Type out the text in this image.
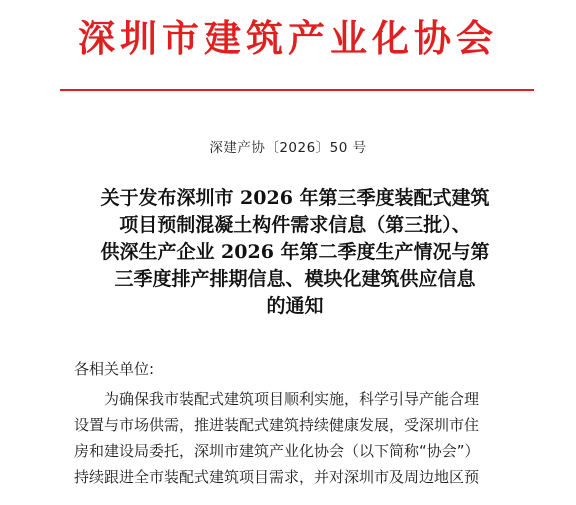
深圳市建筑产业化协会
深建产协〔2026〕50 号
关于发布深圳市 2026 年第三季度装配式建筑
项目预制混凝土构件需求信息（第三批）、
供深生产企业 2026 年第二季度生产情况与第
三季度排产排期信息、模块化建筑供应信息
的通知
各相关单位:
为确保我市装配式建筑项目顺利实施，科学引导产能合理
设置与市场供需，推进装配式建筑持续健康发展，受深圳市住
房和建设局委托，深圳市建筑产业化协会（以下简称“协会”）
持续跟进全市装配式建筑项目需求，并对深圳市及周边地区预
